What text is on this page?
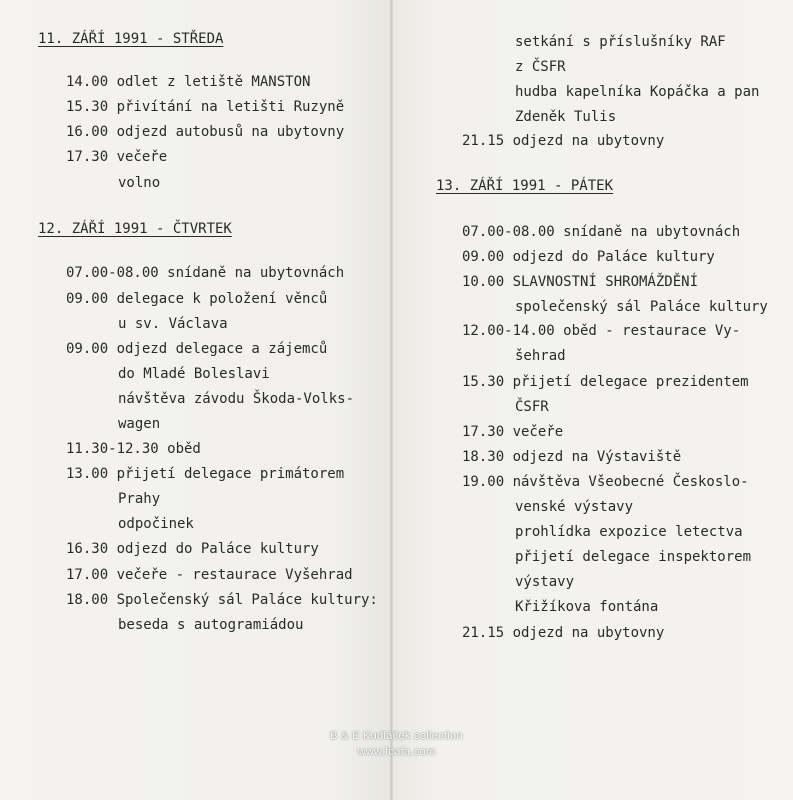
11. ZÁŘÍ 1991 - STŘEDA
14.00 odlet z letiště MANSTON
15.30 přivítání na letišti Ruzyně
16.00 odjezd autobusů na ubytovny
17.30 večeře
volno
12. ZÁŘÍ 1991 - ČTVRTEK
07.00-08.00 snídaně na ubytovnách
09.00 delegace k položení věnců
u sv. Václava
09.00 odjezd delegace a zájemců
do Mladé Boleslavi
návštěva závodu Škoda-Volks-
wagen
11.30-12.30 oběd
13.00 přijetí delegace primátorem
Prahy
odpočinek
16.30 odjezd do Paláce kultury
17.00 večeře - restaurace Vyšehrad
18.00 Společenský sál Paláce kultury:
beseda s autogramiádou
setkání s příslušníky RAF
z ČSFR
hudba kapelníka Kopáčka a pan
Zdeněk Tulis
21.15 odjezd na ubytovny
13. ZÁŘÍ 1991 - PÁTEK
07.00-08.00 snídaně na ubytovnách
09.00 odjezd do Paláce kultury
10.00 SLAVNOSTNÍ SHROMÁŽDĚNÍ
společenský sál Paláce kultury
12.00-14.00 oběd - restaurace Vy-
šehrad
15.30 přijetí delegace prezidentem
ČSFR
17.30 večeře
18.30 odjezd na Výstaviště
19.00 návštěva Všeobecné Českoslo-
venské výstavy
prohlídka expozice letectva
přijetí delegace inspektorem
výstavy
Křižíkova fontána
21.15 odjezd na ubytovny
B & E Kudláček collection
www.fcafa.com
